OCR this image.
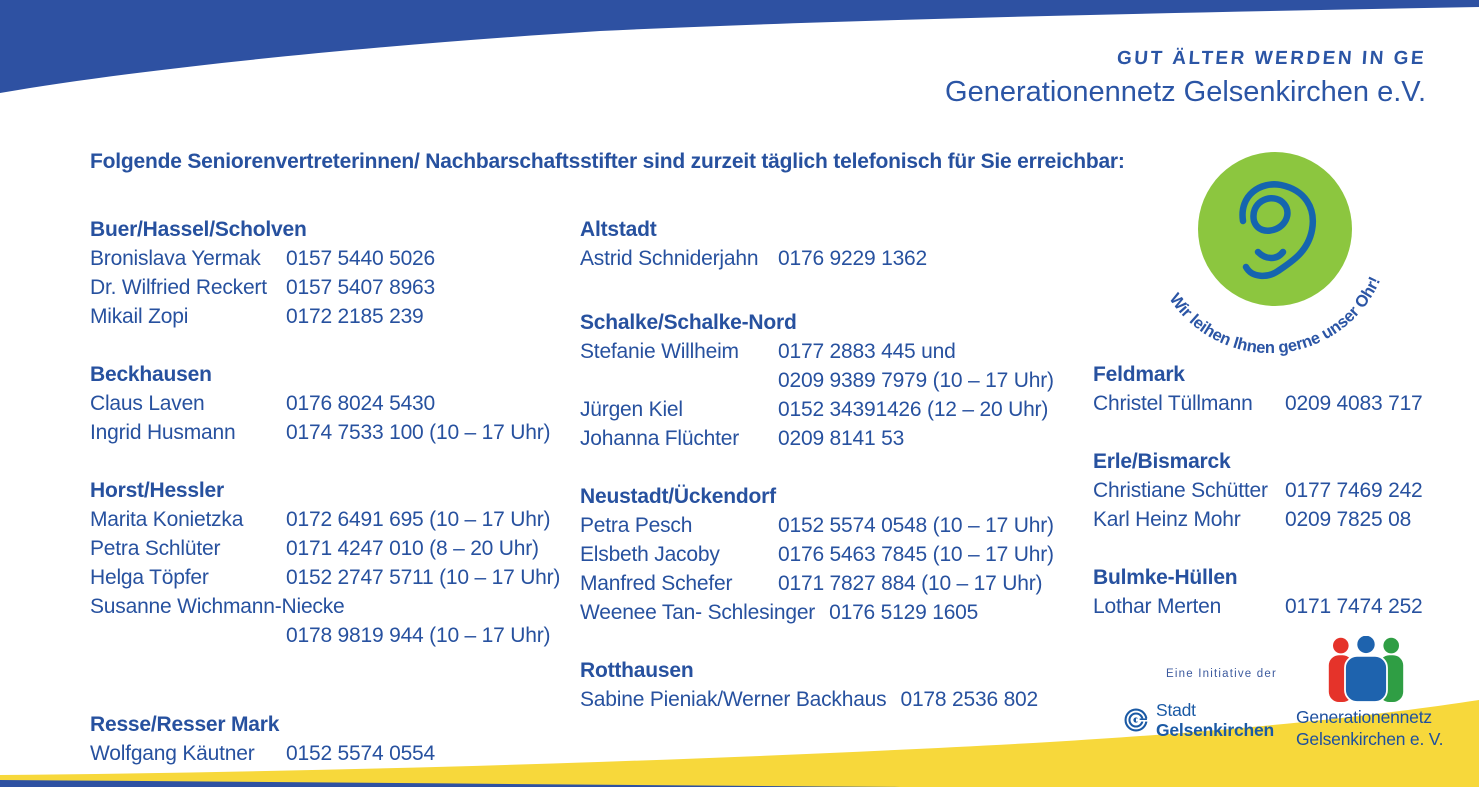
GUT ÄLTER WERDEN IN GE
Generationennetz Gelsenkirchen e.V.
Folgende Seniorenvertreterinnen/ Nachbarschaftsstifter sind zurzeit täglich telefonisch für Sie erreichbar:
Buer/Hassel/Scholven
Bronislava Yermak	0157 5440 5026
Dr. Wilfried Reckert 0157 5407 8963
Mikail Zopi	0172 2185 239
Beckhausen
Claus Laven	0176 8024 5430
Ingrid Husmann	0174 7533 100 (10 – 17 Uhr)
Horst/Hessler
Marita Konietzka	0172 6491 695 (10 – 17 Uhr)
Petra Schlüter	0171 4247 010 (8 – 20 Uhr)
Helga Töpfer	0152 2747 5711 (10 – 17 Uhr)
Susanne Wichmann-Niecke
0178 9819 944 (10 – 17 Uhr)
Resse/Resser Mark
Wolfgang Käutner	0152 5574 0554
Altstadt
Astrid Schniderjahn 0176 9229 1362
Schalke/Schalke-Nord
Stefanie Willheim	0177 2883 445 und
0209 9389 7979 (10 – 17 Uhr)
Jürgen Kiel	0152 34391426 (12 – 20 Uhr)
Johanna Flüchter	0209 8141 53
Neustadt/Ückendorf
Petra Pesch	0152 5574 0548 (10 – 17 Uhr)
Elsbeth Jacoby	0176 5463 7845 (10 – 17 Uhr)
Manfred Schefer	0171 7827 884 (10 – 17 Uhr)
Weenee Tan- Schlesinger 0176 5129 1605
Rotthausen
Sabine Pieniak/Werner Backhaus 0178 2536 802
Feldmark
Christel Tüllmann	0209 4083 717
Erle/Bismarck
Christiane Schütter 0177 7469 242
Karl Heinz Mohr	0209 7825 08
Bulmke-Hüllen
Lothar Merten	0171 7474 252
Wir leihen Ihnen gerne unser Ohr!
Eine Initiative der
Stadt
Gelsenkirchen
Generationennetz
Gelsenkirchen e. V.
